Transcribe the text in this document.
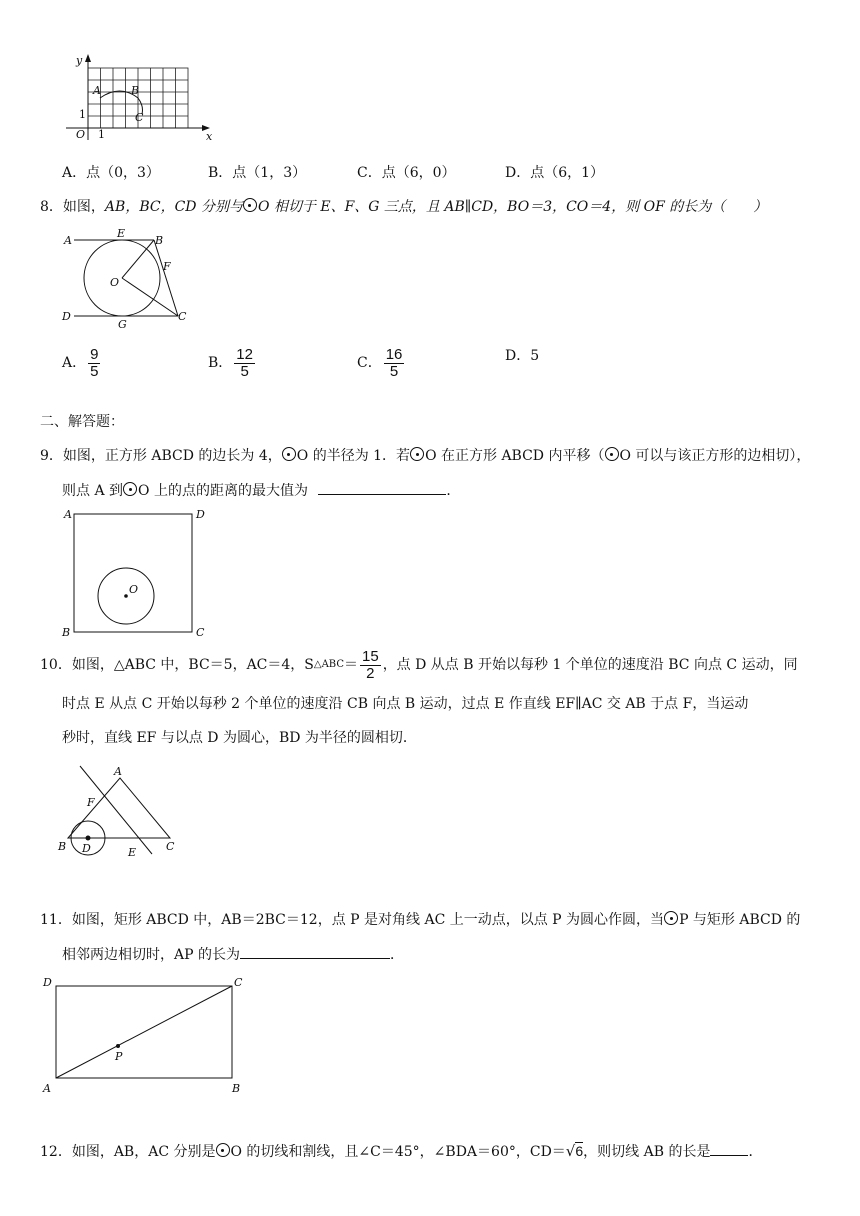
y
x
O 1
1
A	B
C
A．点（0，3）	B．点（1，3）	C．点（6，0）	D．点（6，1）
8．如图，AB，BC，CD 分别与 O 相切于 E、F、G 三点，且 AB∥CD，BO＝3，CO＝4，则 OF 的长为（　　）
A
E
B
F
O
D
G
C
A． $\frac{9}{5}$	B． $\frac{12}{5}$	C． $\frac{16}{5}$	D．5
二、解答题：
9．如图，正方形 ABCD 的边长为 4， O 的半径为 1．若 O 在正方形 ABCD 内平移（ O 可以与该正方形的边相切），
则点 A 到 O 上的点的距离的最大值为	．
A	D
B	C
O
10．如图，△ABC 中，BC＝5，AC＝4，S △ABC ＝ $\frac{15}{2}$ ，点 D 从点 B 开始以每秒 1 个单位的速度沿 BC 向点 C 运动，同
时点 E 从点 C 开始以每秒 2 个单位的速度沿 CB 向点 B 运动，过点 E 作直线 EF∥AC 交 AB 于点 F，当运动
秒时，直线 EF 与以点 D 为圆心，BD 为半径的圆相切．
A
F
B D	E	C
11．如图，矩形 ABCD 中，AB＝2BC＝12，点 P 是对角线 AC 上一动点，以点 P 为圆心作圆，当 P 与矩形 ABCD 的
相邻两边相切时，AP 的长为	．
D	C
P
A	B
12．如图，AB，AC 分别是 O 的切线和割线，且∠C＝45°，∠BDA＝60°，CD＝√6，则切线 AB 的长是	．
